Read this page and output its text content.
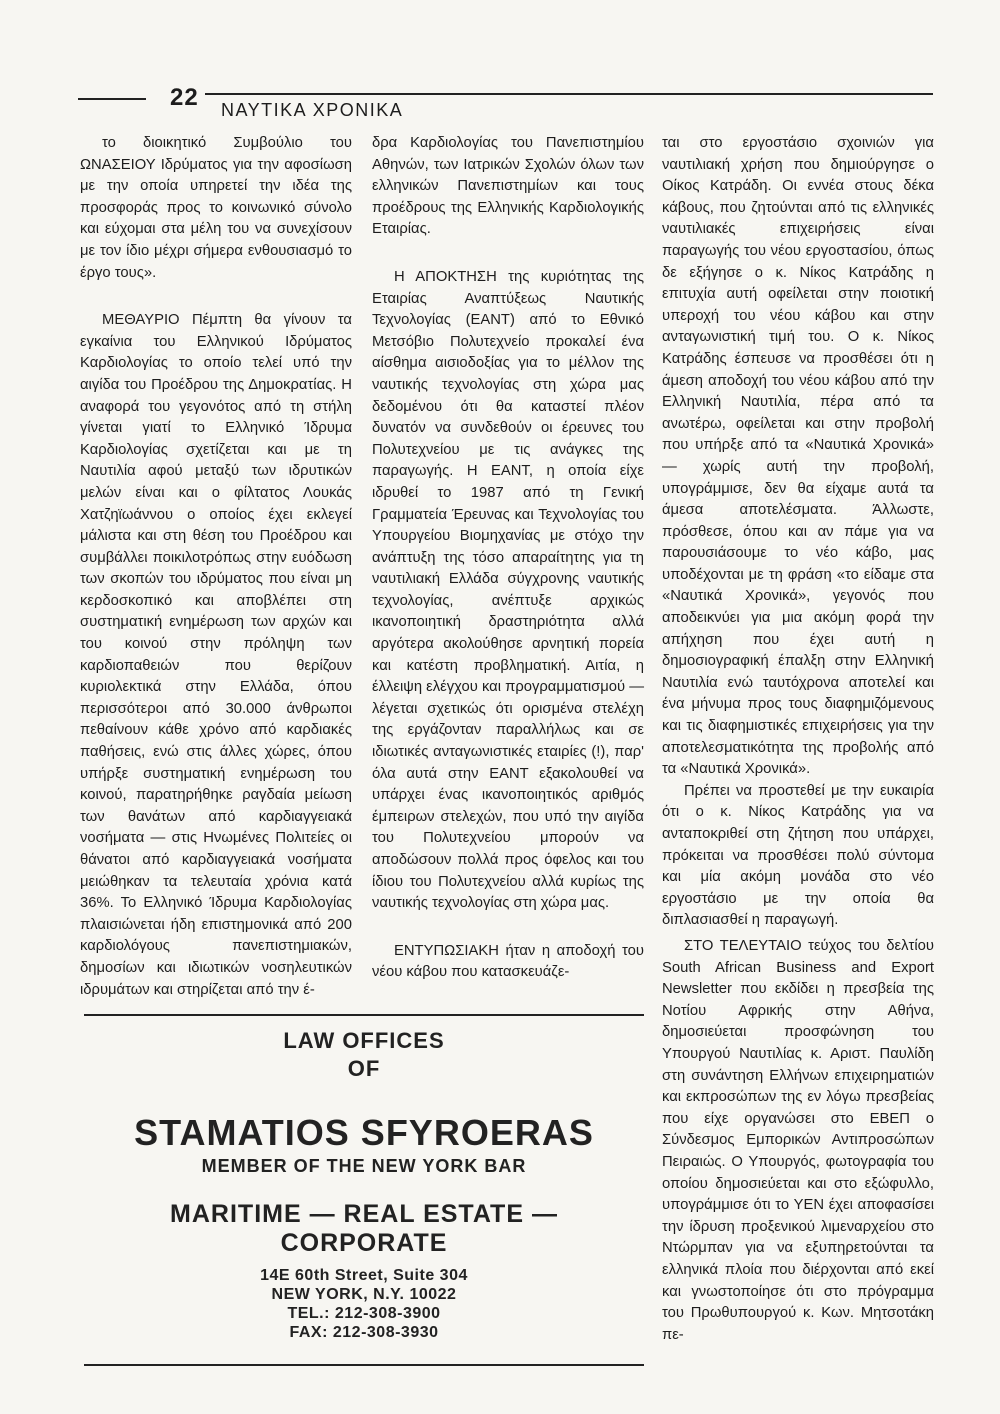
22 ΝΑΥΤΙΚΑ ΧΡΟΝΙΚΑ

το διοικητικό Συμβούλιο του ΩΝΑΣΕΙΟΥ Ιδρύματος για την αφοσίωση με την οποία υπηρετεί την ιδέα της προσφοράς προς το κοινωνικό σύνολο και εύχομαι στα μέλη του να συνεχίσουν με τον ίδιο μέχρι σήμερα ενθουσιασμό το έργο τους».

ΜΕΘΑΥΡΙΟ Πέμπτη θα γίνουν τα εγκαίνια του Ελληνικού Ιδρύματος Καρδιολογίας το οποίο τελεί υπό την αιγίδα του Προέδρου της Δημοκρατίας. Η αναφορά του γεγονότος από τη στήλη γίνεται γιατί το Ελληνικό Ίδρυμα Καρδιολογίας σχετίζεται και με τη Ναυτιλία αφού μεταξύ των ιδρυτικών μελών είναι και ο φίλτατος Λουκάς Χατζηϊωάννου ο οποίος έχει εκλεγεί μάλιστα και στη θέση του Προέδρου και συμβάλλει ποικιλοτρόπως στην ευόδωση των σκοπών του ιδρύματος που είναι μη κερδοσκοπικό και αποβλέπει στη συστηματική ενημέρωση των αρχών και του κοινού στην πρόληψη των καρδιοπαθειών που θερίζουν κυριολεκτικά στην Ελλάδα, όπου περισσότεροι από 30.000 άνθρωποι πεθαίνουν κάθε χρόνο από καρδιακές παθήσεις, ενώ στις άλλες χώρες, όπου υπήρξε συστηματική ενημέρωση του κοινού, παρατηρήθηκε ραγδαία μείωση των θανάτων από καρδιαγγειακά νοσήματα — στις Ηνωμένες Πολιτείες οι θάνατοι από καρδιαγγειακά νοσήματα μειώθηκαν τα τελευταία χρόνια κατά 36%. Το Ελληνικό Ίδρυμα Καρδιολογίας πλαισιώνεται ήδη επιστημονικά από 200 καρδιολόγους πανεπιστημιακών, δημοσίων και ιδιωτικών νοσηλευτικών ιδρυμάτων και στηρίζεται από την έ-

δρα Καρδιολογίας του Πανεπιστημίου Αθηνών, των Ιατρικών Σχολών όλων των ελληνικών Πανεπιστημίων και τους προέδρους της Ελληνικής Καρδιολογικής Εταιρίας.

Η ΑΠΟΚΤΗΣΗ της κυριότητας της Εταιρίας Αναπτύξεως Ναυτικής Τεχνολογίας (ΕΑΝΤ) από το Εθνικό Μετσόβιο Πολυτεχνείο προκαλεί ένα αίσθημα αισιοδοξίας για το μέλλον της ναυτικής τεχνολογίας στη χώρα μας δεδομένου ότι θα καταστεί πλέον δυνατόν να συνδεθούν οι έρευνες του Πολυτεχνείου με τις ανάγκες της παραγωγής. Η ΕΑΝΤ, η οποία είχε ιδρυθεί το 1987 από τη Γενική Γραμματεία Έρευνας και Τεχνολογίας του Υπουργείου Βιομηχανίας με στόχο την ανάπτυξη της τόσο απαραίτητης για τη ναυτιλιακή Ελλάδα σύγχρονης ναυτικής τεχνολογίας, ανέπτυξε αρχικώς ικανοποιητική δραστηριότητα αλλά αργότερα ακολούθησε αρνητική πορεία και κατέστη προβληματική. Αιτία, η έλλειψη ελέγχου και προγραμματισμού — λέγεται σχετικώς ότι ορισμένα στελέχη της εργάζονταν παραλλήλως και σε ιδιωτικές ανταγωνιστικές εταιρίες (!), παρ' όλα αυτά στην ΕΑΝΤ εξακολουθεί να υπάρχει ένας ικανοποιητικός αριθμός έμπειρων στελεχών, που υπό την αιγίδα του Πολυτεχνείου μπορούν να αποδώσουν πολλά προς όφελος και του ίδιου του Πολυτεχνείου αλλά κυρίως της ναυτικής τεχνολογίας στη χώρα μας.

ΕΝΤΥΠΩΣΙΑΚΗ ήταν η αποδοχή του νέου κάβου που κατασκευάζε-

ται στο εργοστάσιο σχοινιών για ναυτιλιακή χρήση που δημιούργησε ο Οίκος Κατράδη. Οι εννέα στους δέκα κάβους, που ζητούνται από τις ελληνικές ναυτιλιακές επιχειρήσεις είναι παραγωγής του νέου εργοστασίου, όπως δε εξήγησε ο κ. Νίκος Κατράδης η επιτυχία αυτή οφείλεται στην ποιοτική υπεροχή του νέου κάβου και στην ανταγωνιστική τιμή του. Ο κ. Νίκος Κατράδης έσπευσε να προσθέσει ότι η άμεση αποδοχή του νέου κάβου από την Ελληνική Ναυτιλία, πέρα από τα ανωτέρω, οφείλεται και στην προβολή που υπήρξε από τα «Ναυτικά Χρονικά» — χωρίς αυτή την προβολή, υπογράμμισε, δεν θα είχαμε αυτά τα άμεσα αποτελέσματα. Άλλωστε, πρόσθεσε, όπου και αν πάμε για να παρουσιάσουμε το νέο κάβο, μας υποδέχονται με τη φράση «το είδαμε στα «Ναυτικά Χρονικά», γεγονός που αποδεικνύει για μια ακόμη φορά την απήχηση που έχει αυτή η δημοσιογραφική έπαλξη στην Ελληνική Ναυτιλία ενώ ταυτόχρονα αποτελεί και ένα μήνυμα προς τους διαφημιζόμενους και τις διαφημιστικές επιχειρήσεις για την αποτελεσματικότητα της προβολής από τα «Ναυτικά Χρονικά».

Πρέπει να προστεθεί με την ευκαιρία ότι ο κ. Νίκος Κατράδης για να ανταποκριθεί στη ζήτηση που υπάρχει, πρόκειται να προσθέσει πολύ σύντομα και μία ακόμη μονάδα στο νέο εργοστάσιο με την οποία θα διπλασιασθεί η παραγωγή.

ΣΤΟ ΤΕΛΕΥΤΑΙΟ τεύχος του δελτίου South African Business and Export Newsletter που εκδίδει η πρεσβεία της Νοτίου Αφρικής στην Αθήνα, δημοσιεύεται προσφώνηση του Υπουργού Ναυτιλίας κ. Αριστ. Παυλίδη στη συνάντηση Ελλήνων επιχειρηματιών και εκπροσώπων της εν λόγω πρεσβείας που είχε οργανώσει στο ΕΒΕΠ ο Σύνδεσμος Εμπορικών Αντιπροσώπων Πειραιώς. Ο Υπουργός, φωτογραφία του οποίου δημοσιεύεται και στο εξώφυλλο, υπογράμμισε ότι το ΥΕΝ έχει αποφασίσει την ίδρυση προξενικού λιμεναρχείου στο Ντώρμπαν για να εξυπηρετούνται τα ελληνικά πλοία που διέρχονται από εκεί και γνωστοποίησε ότι στο πρόγραμμα του Πρωθυπουργού κ. Κων. Μητσοτάκη πε-

LAW OFFICES
OF
STAMATIOS SFYROERAS
MEMBER OF THE NEW YORK BAR
MARITIME — REAL ESTATE — CORPORATE
14E 60th Street, Suite 304
NEW YORK, N.Y. 10022
TEL.: 212-308-3900
FAX: 212-308-3930
